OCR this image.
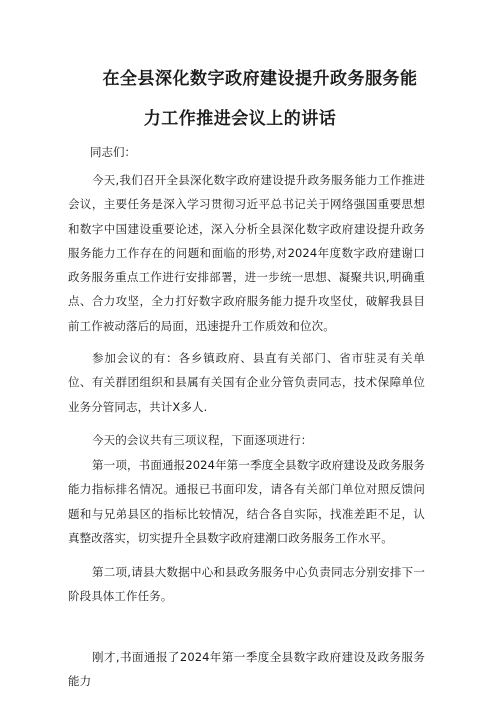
在全县深化数字政府建设提升政务服务能
力工作推进会议上的讲话
同志们：
今天,我们召开全县深化数字政府建设提升政务服务能力工作推进会议，主要任务是深入学习贯彻习近平总书记关于网络强国重要思想和数字中国建设重要论述，深入分析全县深化数字政府建设提升政务服务能力工作存在的问题和面临的形势,对2024年度数字政府建谢口政务服务重点工作进行安排部署，进一步统一思想、凝聚共识,明确重点、合力攻坚，全力打好数字政府服务能力提升攻坚仗，破解我县目前工作被动落后的局面，迅速提升工作质效和位次。
参加会议的有：各乡镇政府、县直有关部门、省市驻灵有关单位、有关群团组织和县属有关国有企业分管负责同志，技术保障单位业务分管同志，共计X多人.
今天的会议共有三项议程，下面逐项进行：
第一项，书面通报2024年第一季度全县数字政府建设及政务服务能力指标排名情况。通报已书面印发，请各有关部门单位对照反馈问题和与兄弟县区的指标比较情况，结合各自实际，找准差距不足，认真整改落实，切实提升全县数字政府建潮口政务服务工作水平。
第二项,请县大数据中心和县政务服务中心负责同志分别安排下一阶段具体工作任务。
刚才,书面通报了2024年第一季度全县数字政府建设及政务服务能力
